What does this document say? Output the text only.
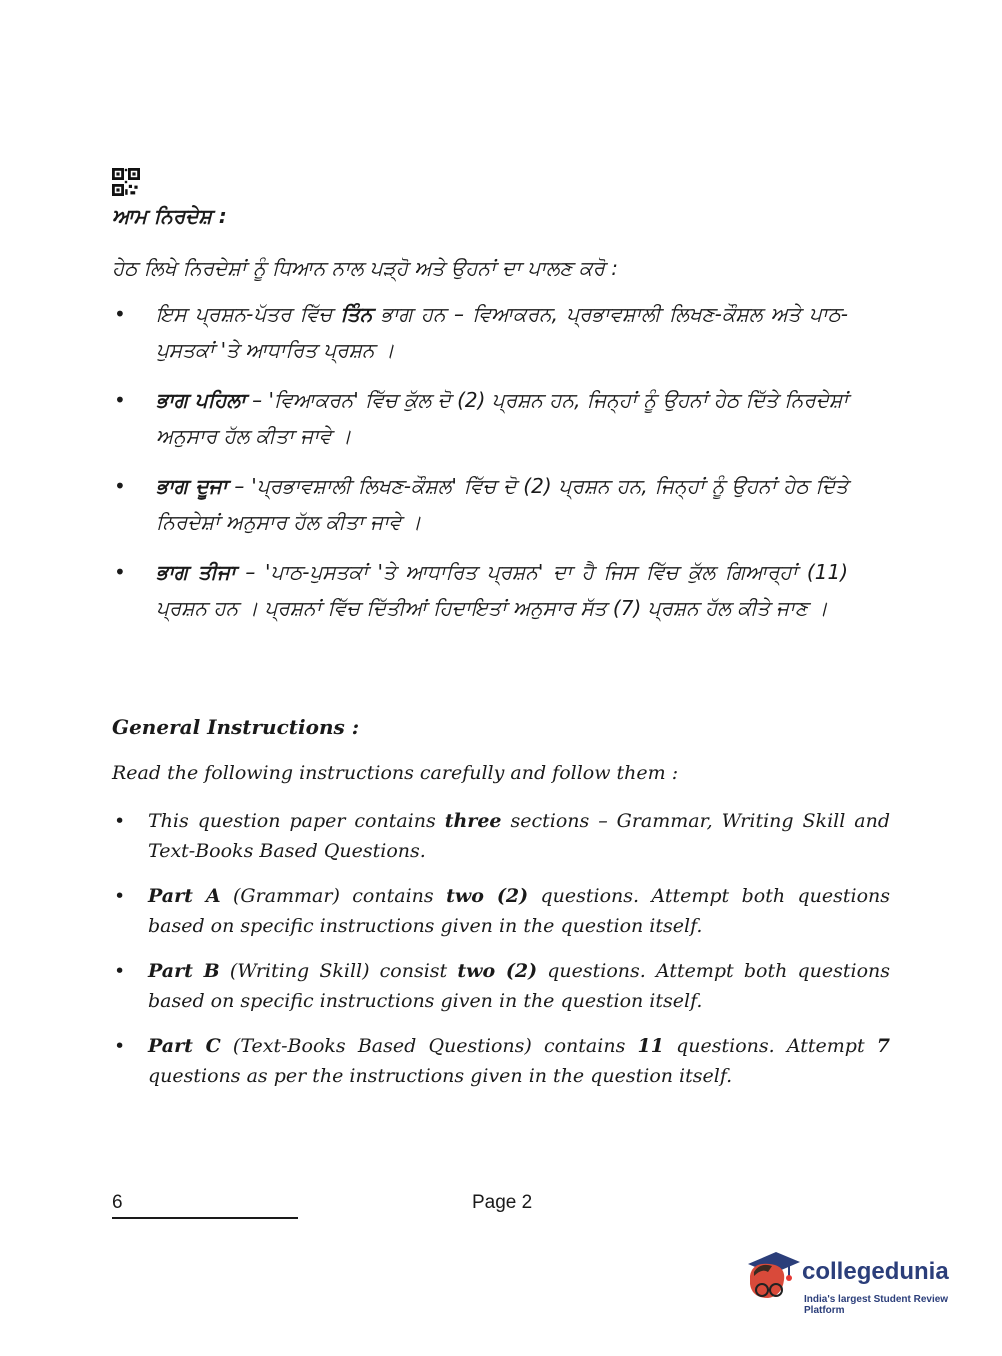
ਆਮ ਨਿਰਦੇਸ਼ :

ਹੇਠ ਲਿਖੇ ਨਿਰਦੇਸ਼ਾਂ ਨੂੰ ਧਿਆਨ ਨਾਲ ਪੜ੍ਹੋ ਅਤੇ ਉਹਨਾਂ ਦਾ ਪਾਲਣ ਕਰੋ :

• ਇਸ ਪ੍ਰਸ਼ਨ-ਪੱਤਰ ਵਿੱਚ ਤਿੰਨ ਭਾਗ ਹਨ – ਵਿਆਕਰਨ, ਪ੍ਰਭਾਵਸ਼ਾਲੀ ਲਿਖਣ-ਕੌਸ਼ਲ ਅਤੇ ਪਾਠ-ਪੁਸਤਕਾਂ 'ਤੇ ਆਧਾਰਿਤ ਪ੍ਰਸ਼ਨ ।
• ਭਾਗ ਪਹਿਲਾ – 'ਵਿਆਕਰਨ' ਵਿੱਚ ਕੁੱਲ ਦੋ (2) ਪ੍ਰਸ਼ਨ ਹਨ, ਜਿਨ੍ਹਾਂ ਨੂੰ ਉਹਨਾਂ ਹੇਠ ਦਿੱਤੇ ਨਿਰਦੇਸ਼ਾਂ ਅਨੁਸਾਰ ਹੱਲ ਕੀਤਾ ਜਾਵੇ ।
• ਭਾਗ ਦੂਜਾ – 'ਪ੍ਰਭਾਵਸ਼ਾਲੀ ਲਿਖਣ-ਕੌਸ਼ਲ' ਵਿੱਚ ਦੋ (2) ਪ੍ਰਸ਼ਨ ਹਨ, ਜਿਨ੍ਹਾਂ ਨੂੰ ਉਹਨਾਂ ਹੇਠ ਦਿੱਤੇ ਨਿਰਦੇਸ਼ਾਂ ਅਨੁਸਾਰ ਹੱਲ ਕੀਤਾ ਜਾਵੇ ।
• ਭਾਗ ਤੀਜਾ – 'ਪਾਠ-ਪੁਸਤਕਾਂ 'ਤੇ ਆਧਾਰਿਤ ਪ੍ਰਸ਼ਨ' ਦਾ ਹੈ ਜਿਸ ਵਿੱਚ ਕੁੱਲ ਗਿਆਰ੍ਹਾਂ (11) ਪ੍ਰਸ਼ਨ ਹਨ । ਪ੍ਰਸ਼ਨਾਂ ਵਿੱਚ ਦਿੱਤੀਆਂ ਹਿਦਾਇਤਾਂ ਅਨੁਸਾਰ ਸੱਤ (7) ਪ੍ਰਸ਼ਨ ਹੱਲ ਕੀਤੇ ਜਾਣ ।

General Instructions :

Read the following instructions carefully and follow them :

• This question paper contains three sections – Grammar, Writing Skill and Text-Books Based Questions.
• Part A (Grammar) contains two (2) questions. Attempt both questions based on specific instructions given in the question itself.
• Part B (Writing Skill) consist two (2) questions. Attempt both questions based on specific instructions given in the question itself.
• Part C (Text-Books Based Questions) contains 11 questions. Attempt 7 questions as per the instructions given in the question itself.
6	Page 2
collegedunia
India's largest Student Review Platform
